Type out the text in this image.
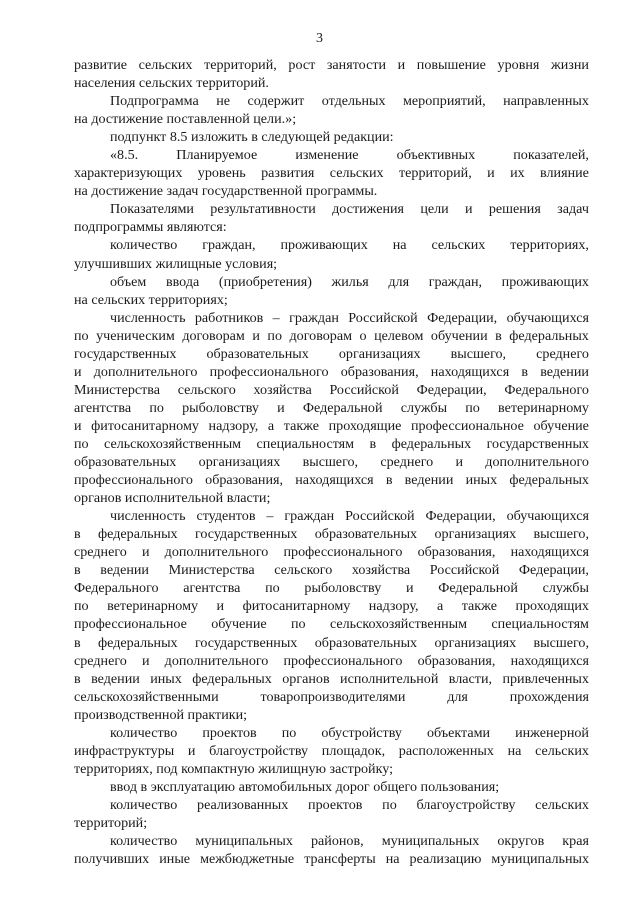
3
развитие сельских территорий, рост занятости и повышение уровня жизни
населения сельских территорий.
Подпрограмма не содержит отдельных мероприятий, направленных
на достижение поставленной цели.»;
подпункт 8.5 изложить в следующей редакции:
«8.5.	Планируемое	изменение	объективных	показателей,
характеризующих уровень развития сельских территорий, и их влияние
на достижение задач государственной программы.
Показателями результативности достижения цели и решения задач
подпрограммы являются:
количество граждан, проживающих на сельских территориях,
улучшивших жилищные условия;
объем ввода (приобретения) жилья для граждан, проживающих
на сельских территориях;
численность работников – граждан Российской Федерации, обучающихся
по ученическим договорам и по договорам о целевом обучении в федеральных
государственных образовательных организациях высшего, среднего
и дополнительного профессионального образования, находящихся в ведении
Министерства сельского хозяйства Российской Федерации, Федерального
агентства по рыболовству и Федеральной службы по ветеринарному
и фитосанитарному надзору, а также проходящие профессиональное обучение
по сельскохозяйственным специальностям в федеральных государственных
образовательных организациях высшего, среднего и дополнительного
профессионального образования, находящихся в ведении иных федеральных
органов исполнительной власти;
численность студентов – граждан Российской Федерации, обучающихся
в федеральных государственных образовательных организациях высшего,
среднего и дополнительного профессионального образования, находящихся
в ведении Министерства сельского хозяйства Российской Федерации,
Федерального агентства по рыболовству и Федеральной службы
по ветеринарному и фитосанитарному надзору, а также проходящих
профессиональное обучение по сельскохозяйственным специальностям
в федеральных государственных образовательных организациях высшего,
среднего и дополнительного профессионального образования, находящихся
в ведении иных федеральных органов исполнительной власти, привлеченных
сельскохозяйственными	товаропроизводителями	для	прохождения
производственной практики;
количество проектов по обустройству объектами инженерной
инфраструктуры и благоустройству площадок, расположенных на сельских
территориях, под компактную жилищную застройку;
ввод в эксплуатацию автомобильных дорог общего пользования;
количество реализованных проектов по благоустройству сельских
территорий;
количество муниципальных районов, муниципальных округов края
получивших иные межбюджетные трансферты на реализацию муниципальных
